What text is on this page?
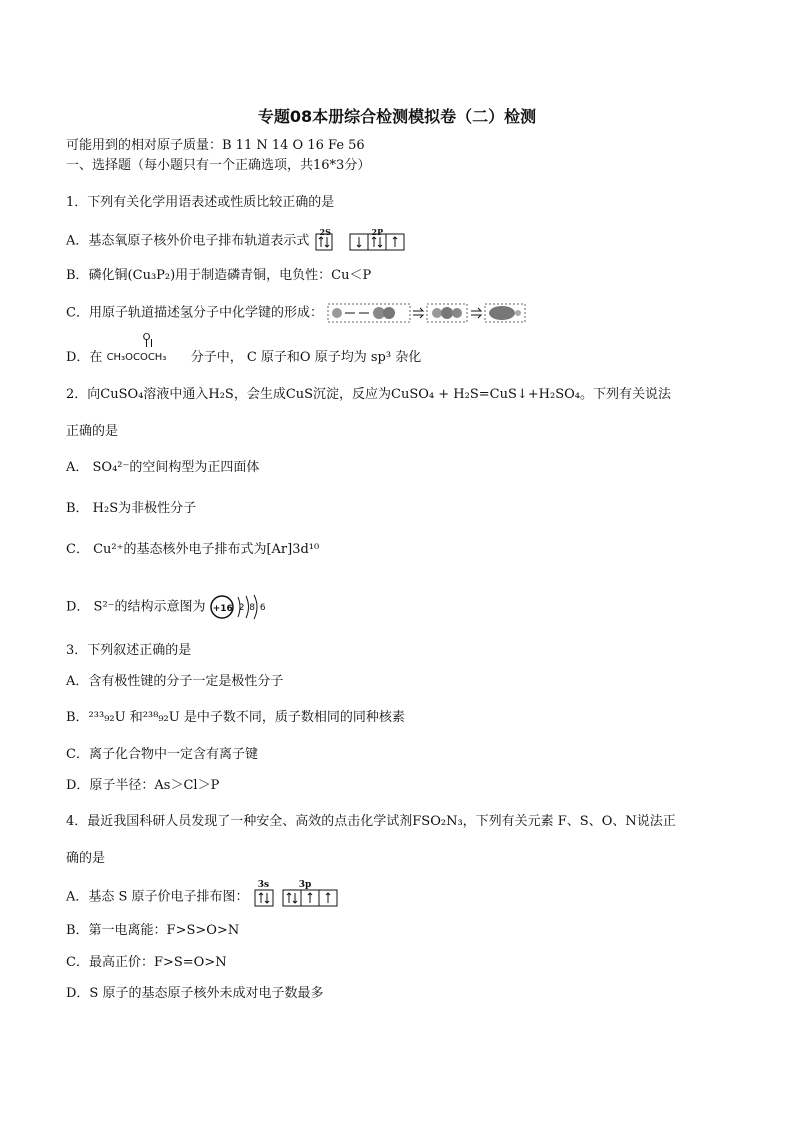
专题08本册综合检测模拟卷（二）检测
可能用到的相对原子质量：B 11 N 14 O 16 Fe 56
一、选择题（每小题只有一个正确选项，共16*3分）
1．下列有关化学用语表述或性质比较正确的是
A．基态氧原子核外价电子排布轨道表示式
2S	2P
B．磷化铜(Cu₃P₂)用于制造磷青铜，电负性：Cu＜P
C．用原子轨道描述氢分子中化学键的形成：
D．在
O
CH₃OCOCH₃ 分子中， C 原子和O 原子均为 sp³ 杂化
2．向CuSO₄溶液中通入H₂S，会生成CuS沉淀，反应为CuSO₄ + H₂S=CuS↓+H₂SO₄。下列有关说法
正确的是
A． SO₄²⁻的空间构型为正四面体
B． H₂S为非极性分子
C． Cu²⁺的基态核外电子排布式为[Ar]3d¹⁰
D． S²⁻的结构示意图为 +16 2 8 6
3．下列叙述正确的是
A．含有极性键的分子一定是极性分子
B．²³³₉₂U 和²³⁸₉₂U 是中子数不同，质子数相同的同种核素
C．离子化合物中一定含有离子键
D．原子半径：As＞Cl＞P
4．最近我国科研人员发现了一种安全、高效的点击化学试剂FSO₂N₃，下列有关元素 F、S、O、N说法正
确的是
A．基态 S 原子价电子排布图：
3s	3p
B．第一电离能：F>S>O>N
C．最高正价：F>S=O>N
D．S 原子的基态原子核外未成对电子数最多
